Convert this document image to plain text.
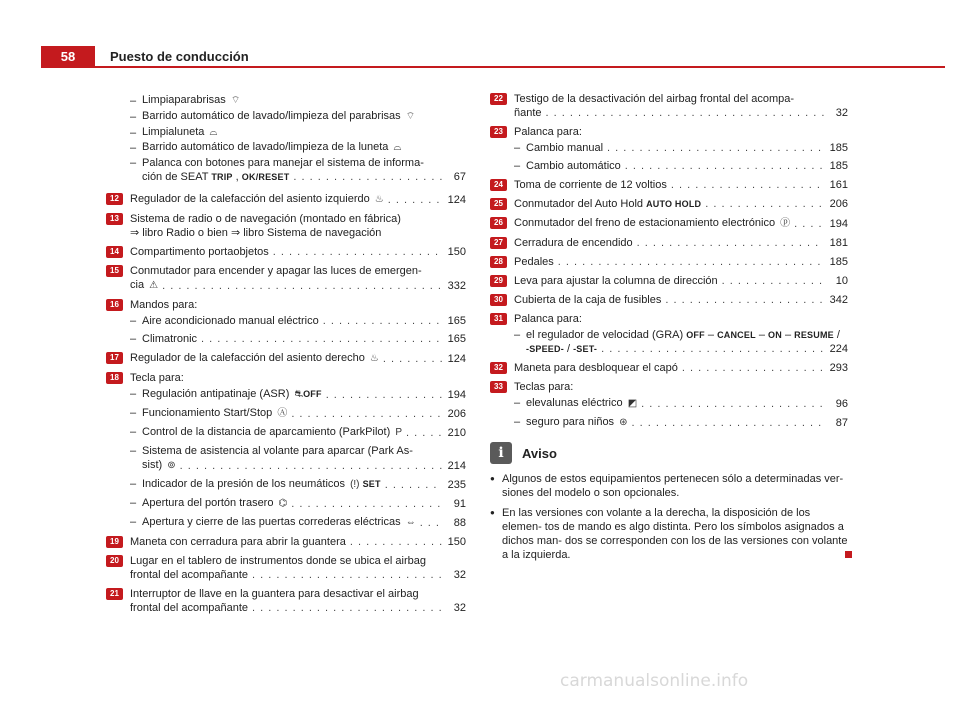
58	Puesto de conducción
– Limpiaparabrisas ⌔
– Barrido automático de lavado/limpieza del parabrisas ⌔
– Limpialuneta ⌓
– Barrido automático de lavado/limpieza de la luneta ⌓
– Palanca con botones para manejar el sistema de informa-
ción de SEAT TRIP , OK/RESET . . .	67
12	Regulador de la calefacción del asiento izquierdo ♨ . . .	124
13	Sistema de radio o de navegación (montado en fábrica)
⇒ libro Radio o bien ⇒ libro Sistema de navegación
14	Compartimento portaobjetos . . .	150
15	Conmutador para encender y apagar las luces de emergen-
cia ⚠ . . .	332
16	Mandos para:
– Aire acondicionado manual eléctrico . . .	165
– Climatronic . . .	165
17	Regulador de la calefacción del asiento derecho ♨ . . .	124
18	Tecla para:
– Regulación antipatinaje (ASR) ⛐OFF . . .	194
– Funcionamiento Start/Stop Ⓐ . . .	206
– Control de la distancia de aparcamiento (ParkPilot) P . . .	210
– Sistema de asistencia al volante para aparcar (Park As-
sist) ⊚ . . .	214
– Indicador de la presión de los neumáticos (!) SET . . .	235
– Apertura del portón trasero ⌬ . . .	91
– Apertura y cierre de las puertas correderas eléctricas ⇔ . . .	88
19	Maneta con cerradura para abrir la guantera . . .	150
20	Lugar en el tablero de instrumentos donde se ubica el airbag
frontal del acompañante . . .	32
21	Interruptor de llave en la guantera para desactivar el airbag
frontal del acompañante . . .	32
22	Testigo de la desactivación del airbag frontal del acompa-
ñante . . .	32
23	Palanca para:
– Cambio manual . . .	185
– Cambio automático . . .	185
24	Toma de corriente de 12 voltios . . .	161
25	Conmutador del Auto Hold AUTO HOLD . . .	206
26	Conmutador del freno de estacionamiento electrónico ⓟ . . .	194
27	Cerradura de encendido . . .	181
28	Pedales . . .	185
29	Leva para ajustar la columna de dirección . . .	10
30	Cubierta de la caja de fusibles . . .	342
31	Palanca para:
– el regulador de velocidad (GRA) OFF – CANCEL – ON – RESUME /
-SPEED- / -SET- . . .	224
32	Maneta para desbloquear el capó . . .	293
33	Teclas para:
– elevalunas eléctrico ◩ . . .	96
– seguro para niños ⊛ . . .	87
i	Aviso
● Algunos de estos equipamientos pertenecen sólo a determinadas ver- siones del modelo o son opcionales.
● En las versiones con volante a la derecha, la disposición de los elemen- tos de mando es algo distinta. Pero los símbolos asignados a dichos man- dos se corresponden con los de las versiones con volante a la izquierda.
carmanualsonline.info
